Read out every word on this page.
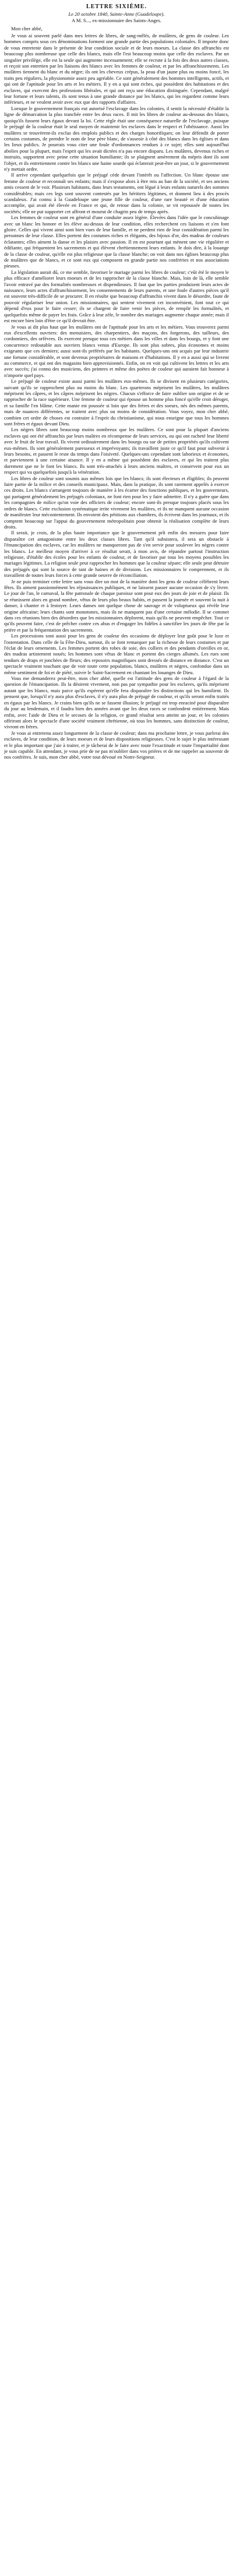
LETTRE SIXIÈME.
Le 20 octobre 1840, Sainte-Anne (Guadeloupe).
A M. S..., ex-missionnaire des Saints-Anges.
Mon cher abbé,

Je vous ai souvent parlé dans mes lettres de libres, de sang-mêlés, de mulâtres, de gens de couleur. Les hommes compris sous ces dénominations forment une grande partie des populations coloniales. Il importe donc de vous entretenir dans le présente de leur condition sociale et de leurs moeurs. La classe des affranchis est beaucoup plus nombreuse que celle des blancs, mais elle l'est beaucoup moins que celle des esclaves. Par un singulier privilège, elle est la seule qui augmente incessamment; elle se recrute à la fois des deux autres classes, et reçoit son entretien par les liaisons des blancs avec les femmes de couleur, et par les affranchissements. Les mulâtres tiennent du blanc et du nègre; ils ont les cheveux crépus, la peau d'un jaune plus ou moins foncé, les traits peu réguliers, la physionomie assez peu agréable. Ce sont généralement des hommes intelligents, actifs, et qui ont de l'aptitude pour les arts et les métiers. Il y en a qui sont riches, qui possèdent des habitations et des esclaves, qui exercent des professions libérales, et qui ont reçu une éducation distinguée. Cependant, malgré leur fortune et leurs talents, ils sont tenus à une grande distance par les blancs, qui les regardent comme leurs inférieurs, et ne veulent avoir avec eux que des rapports d'affaires.

Lorsque le gouvernement français eut autorisé l'esclavage dans les colonies, il sentit la nécessité d'établir la ligne de démarcation la plus tranchée entre les deux races. Il mit les libres de couleur au-dessous des blancs, quoiqu'ils fussent leurs égaux devant la loi. Cette règle était une conséquence naturelle de l'esclavage, puisque le préjugé de la couleur était le seul moyen de maintenir les esclaves dans le respect et l'obéissance. Aussi les mulâtres se trouvèrent-ils exclus des emplois publics et des charges honorifiques; on leur défendit de porter certains costumes, de prendre le nom de leur père blanc, de s'asseoir à côté des blancs dans les églises et dans les lieux publics. Je pourrais vous citer une foule d'ordonnances rendues à ce sujet; elles sont aujourd'hui abolies pour la plupart, mais l'esprit qui les avait dictées n'a pas encore disparu. Les mulâtres, devenus riches et instruits, supportent avec peine cette situation humiliante; ils se plaignent amèrement du mépris dont ils sont l'objet, et ils entretiennent contre les blancs une haine sourde qui éclaterait peut-être un jour, si le gouvernement n'y mettait ordre.

Il arrive cependant quelquefois que le préjugé cède devant l'intérêt ou l'affection. Un blanc épouse une femme de couleur et reconnaît ses enfants; mais il s'expose alors à être mis au ban de la société, et ses anciens amis cessent de le voir. Plusieurs habitants, dans leurs testaments, ont légué à leurs enfants naturels des sommes considérables; mais ces legs sont souvent contestés par les héritiers légitimes, et donnent lieu à des procès scandaleux. J'ai connu à la Guadeloupe une jeune fille de couleur, d'une rare beauté et d'une éducation accomplie, qui avait été élevée en France et qui, de retour dans la colonie, se vit repoussée de toutes les sociétés; elle ne put supporter cet affront et mourut de chagrin peu de temps après.

Les femmes de couleur sont en général d'une conduite assez légère. Élevées dans l'idée que le concubinage avec un blanc les honore et les élève au-dessus de leur condition, elles recherchent ces liaisons et s'en font gloire. Celles qui vivent ainsi sont bien vues de leur famille, et ne perdent rien de leur considération parmi les personnes de leur classe. Elles portent des costumes riches et élégants, des bijoux d'or, des madras de couleurs éclatantes; elles aiment la danse et les plaisirs avec passion. Il en est pourtant qui mènent une vie régulière et édifiante, qui fréquentent les sacrements et qui élèvent chrétiennement leurs enfants. Je dois dire, à la louange de la classe de couleur, qu'elle est plus religieuse que la classe blanche; on voit dans nos églises beaucoup plus de mulâtres que de blancs, et ce sont eux qui composent en grande partie nos confréries et nos associations pieuses.

La législation aurait dû, ce me semble, favoriser le mariage parmi les libres de couleur; c'eût été le moyen le plus efficace d'améliorer leurs moeurs et de les rapprocher de la classe blanche. Mais, loin de là, elle semble l'avoir entravé par des formalités nombreuses et dispendieuses. Il faut que les parties produisent leurs actes de naissance, leurs actes d'affranchissement, les consentements de leurs parents, et une foule d'autres pièces qu'il est souvent très-difficile de se procurer. Il en résulte que beaucoup d'affranchis vivent dans le désordre, faute de pouvoir régulariser leur union. Les missionnaires, qui sentent vivement cet inconvénient, font tout ce qui dépend d'eux pour le faire cesser; ils se chargent de faire venir les pièces, de remplir les formalités, et quelquefois même de payer les frais. Grâce à leur zèle, le nombre des mariages augmente chaque année; mais il est encore bien loin d'être ce qu'il devrait être.

Je vous ai dit plus haut que les mulâtres ont de l'aptitude pour les arts et les métiers. Vous trouverez parmi eux d'excellents ouvriers: des menuisiers, des charpentiers, des maçons, des forgerons, des tailleurs, des cordonniers, des orfèvres. Ils exercent presque tous ces métiers dans les villes et dans les bourgs, et y font une concurrence redoutable aux ouvriers blancs venus d'Europe. Ils sont plus sobres, plus économes et moins exigeants que ces derniers; aussi sont-ils préférés par les habitants. Quelques-uns ont acquis par leur industrie une fortune considérable, et sont devenus propriétaires de maisons et d'habitations. Il y en a aussi qui se livrent au commerce, et qui ont des magasins bien approvisionnés. Enfin, on en voit qui cultivent les lettres et les arts avec succès; j'ai connu des musiciens, des peintres et même des poètes de couleur qui auraient fait honneur à n'importe quel pays.

Le préjugé de couleur existe aussi parmi les mulâtres eux-mêmes. Ils se divisent en plusieurs catégories, suivant qu'ils se rapprochent plus ou moins du blanc. Les quarterons méprisent les mulâtres, les mulâtres méprisent les câpres, et les câpres méprisent les nègres. Chacun s'efforce de faire oublier son origine et de se rapprocher de la race supérieure. Une femme de couleur qui épouse un homme plus foncé qu'elle croit déroger, et sa famille l'en blâme. Cette manie est poussée si loin que des frères et des soeurs, nés des mêmes parents, mais de nuances différentes, se traitent avec plus ou moins de considération. Vous voyez, mon cher abbé, combien cet ordre de choses est contraire à l'esprit du christianisme, qui nous enseigne que tous les hommes sont frères et égaux devant Dieu.

Les nègres libres sont beaucoup moins nombreux que les mulâtres. Ce sont pour la plupart d'anciens esclaves qui ont été affranchis par leurs maîtres en récompense de leurs services, ou qui ont racheté leur liberté avec le fruit de leur travail. Ils vivent ordinairement dans les bourgs ou sur de petites propriétés qu'ils cultivent eux-mêmes. Ils sont généralement paresseux et imprévoyants; ils travaillent juste ce qu'il faut pour subvenir à leurs besoins, et passent le reste du temps dans l'oisiveté. Quelques-uns cependant sont laborieux et économes, et parviennent à une certaine aisance. Il y en a même qui possèdent des esclaves, et qui les traitent plus durement que ne le font les blancs. Ils sont très-attachés à leurs anciens maîtres, et conservent pour eux un respect qui va quelquefois jusqu'à la vénération.

Les libres de couleur sont soumis aux mêmes lois que les blancs; ils sont électeurs et éligibles; ils peuvent faire partie de la milice et des conseils municipaux. Mais, dans la pratique, ils sont rarement appelés à exercer ces droits. Les blancs s'arrangent toujours de manière à les écarter des fonctions publiques, et les gouverneurs, qui partagent généralement les préjugés coloniaux, ne font rien pour les y faire admettre. Il n'y a guère que dans les compagnies de milice qu'on voie des officiers de couleur; encore sont-ils presque toujours placés sous les ordres de blancs. Cette exclusion systématique irrite vivement les mulâtres, et ils ne manquent aucune occasion de manifester leur mécontentement. Ils envoient des pétitions aux chambres, ils écrivent dans les journaux, et ils comptent beaucoup sur l'appui du gouvernement métropolitain pour obtenir la réalisation complète de leurs droits.

Il serait, je crois, de la plus haute importance que le gouvernement prît enfin des mesures pour faire disparaître cet antagonisme entre les deux classes libres. Tant qu'il subsistera, il sera un obstacle à l'émancipation des esclaves, car les mulâtres ne manqueront pas de s'en servir pour soulever les nègres contre les blancs. Le meilleur moyen d'arriver à ce résultat serait, à mon avis, de répandre partout l'instruction religieuse, d'établir des écoles pour les enfants de couleur, et de favoriser par tous les moyens possibles les mariages légitimes. La religion seule peut rapprocher les hommes que la couleur sépare; elle seule peut détruire des préjugés qui sont la source de tant de haines et de divisions. Les missionnaires le comprennent, et ils travaillent de toutes leurs forces à cette grande oeuvre de réconciliation.

Je ne puis terminer cette lettre sans vous dire un mot de la manière dont les gens de couleur célèbrent leurs fêtes. Ils aiment passionnément les réjouissances publiques, et ne laissent passer aucune occasion de s'y livrer. Le jour de l'an, le carnaval, la fête patronale de chaque paroisse sont pour eux des jours de joie et de plaisir. Ils se réunissent alors en grand nombre, vêtus de leurs plus beaux habits, et passent la journée et souvent la nuit à danser, à chanter et à festoyer. Leurs danses ont quelque chose de sauvage et de voluptueux qui révèle leur origine africaine; leurs chants sont monotones, mais ils ne manquent pas d'une certaine mélodie. Il se commet dans ces réunions bien des désordres que les missionnaires déplorent, mais qu'ils ne peuvent empêcher. Tout ce qu'ils peuvent faire, c'est de prêcher contre ces abus et d'engager les fidèles à sanctifier les jours de fête par la prière et par la fréquentation des sacrements.

Les processions sont aussi pour les gens de couleur des occasions de déployer leur goût pour le luxe et l'ostentation. Dans celle de la Fête-Dieu, surtout, ils se font remarquer par la richesse de leurs costumes et par l'éclat de leurs ornements. Les femmes portent des robes de soie, des colliers et des pendants d'oreilles en or, des madras artistement noués; les hommes sont vêtus de blanc et portent des cierges allumés. Les rues sont tendues de draps et jonchées de fleurs; des reposoirs magnifiques sont dressés de distance en distance. C'est un spectacle vraiment touchant que de voir toute cette population, blancs, mulâtres et nègres, confondue dans un même sentiment de foi et de piété, suivre le Saint-Sacrement en chantant les louanges de Dieu.

Vous me demanderez peut-être, mon cher abbé, quelle est l'attitude des gens de couleur à l'égard de la question de l'émancipation. Ils la désirent vivement, non pas par sympathie pour les esclaves, qu'ils méprisent autant que les blancs, mais parce qu'ils espèrent qu'elle fera disparaître les distinctions qui les humilient. Ils pensent que, lorsqu'il n'y aura plus d'esclaves, il n'y aura plus de préjugé de couleur, et qu'ils seront enfin traités en égaux par les blancs. Je crains bien qu'ils ne se fassent illusion; le préjugé est trop enraciné pour disparaître du jour au lendemain, et il faudra bien des années avant que les deux races se confondent entièrement. Mais enfin, avec l'aide de Dieu et le secours de la religion, ce grand résultat sera atteint un jour, et les colonies offriront alors le spectacle d'une société vraiment chrétienne, où tous les hommes, sans distinction de couleur, vivront en frères.

Je vous ai entretenu assez longuement de la classe de couleur; dans ma prochaine lettre, je vous parlerai des esclaves, de leur condition, de leurs moeurs et de leurs dispositions religieuses. C'est le sujet le plus intéressant et le plus important que j'aie à traiter, et je tâcherai de le faire avec toute l'exactitude et toute l'impartialité dont je suis capable. En attendant, je vous prie de ne pas m'oublier dans vos prières et de me rappeler au souvenir de nos confrères. Je suis, mon cher abbé, votre tout dévoué en Notre-Seigneur.
